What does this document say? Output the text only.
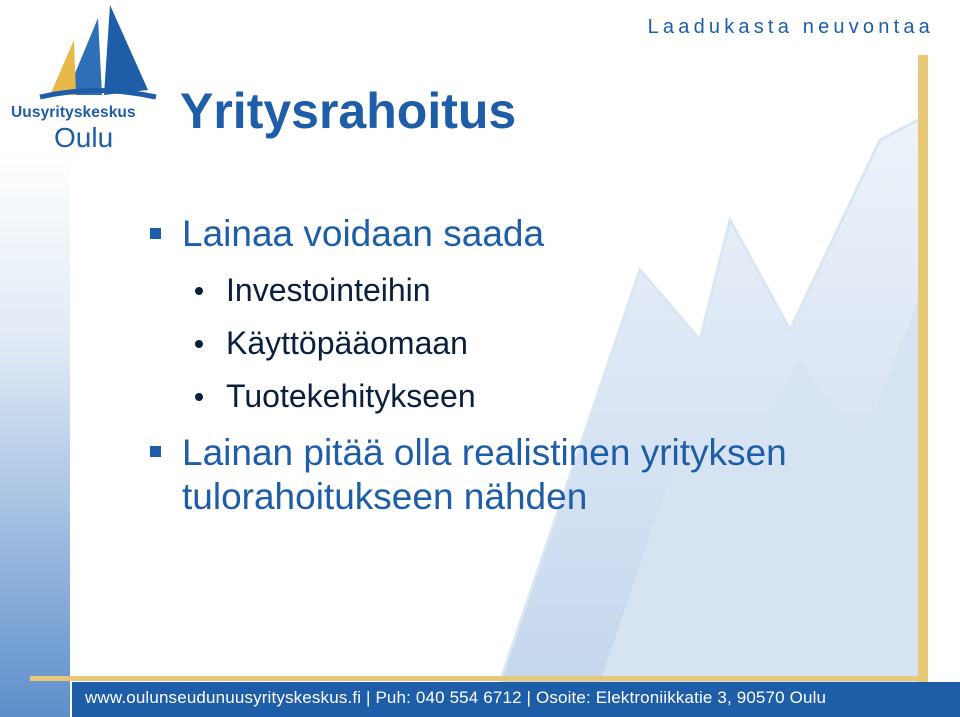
Uusyrityskeskus

Oulu

Laadukasta neuvontaa

Yritysrahoitus

Lainaa voidaan saada

Investointeihin

Käyttöpääomaan

Tuotekehitykseen

Lainan pitää olla realistinen yrityksen tulorahoitukseen nähden

www.oulunseudunuusyrityskeskus.fi | Puh: 040 554 6712 | Osoite: Elektroniikkatie 3, 90570 Oulu
